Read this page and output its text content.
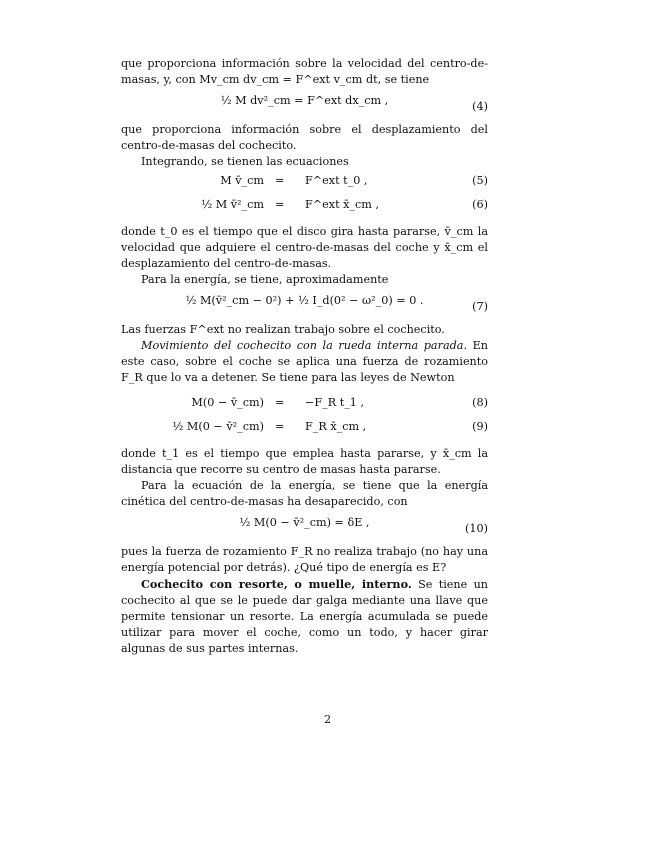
que proporciona información sobre la velocidad del centro-de-masas, y, con Mv_cm dv_cm = F^ext v_cm dt, se tiene

½ M dv²_cm = F^ext dx_cm ,	(4)

que proporciona información sobre el desplazamiento del centro-de-masas del cochecito.

Integrando, se tienen las ecuaciones

M v̄_cm = F^ext t_0 ,	(5)
½ M v̄²_cm = F^ext x̄_cm ,	(6)

donde t_0 es el tiempo que el disco gira hasta pararse, v̄_cm la velocidad que adquiere el centro-de-masas del coche y x̄_cm el desplazamiento del centro-de-masas.

Para la energía, se tiene, aproximadamente

½ M(v̄²_cm − 0²) + ½ I_d(0² − ω²_0) = 0 .	(7)

Las fuerzas F^ext no realizan trabajo sobre el cochecito.

Movimiento del cochecito con la rueda interna parada. En este caso, sobre el coche se aplica una fuerza de rozamiento F_R que lo va a detener. Se tiene para las leyes de Newton

M(0 − v̄_cm) = −F_R t_1 ,	(8)
½ M(0 − v̄²_cm) = F_R x̄_cm ,	(9)

donde t_1 es el tiempo que emplea hasta pararse, y x̄_cm la distancia que recorre su centro de masas hasta pararse.

Para la ecuación de la energía, se tiene que la energía cinética del centro-de-masas ha desaparecido, con

½ M(0 − v̄²_cm) = δE ,	(10)

pues la fuerza de rozamiento F_R no realiza trabajo (no hay una energía potencial por detrás). ¿Qué tipo de energía es E?

Cochecito con resorte, o muelle, interno. Se tiene un cochecito al que se le puede dar galga mediante una llave que permite tensionar un resorte. La energía acumulada se puede utilizar para mover el coche, como un todo, y hacer girar algunas de sus partes internas.

2
